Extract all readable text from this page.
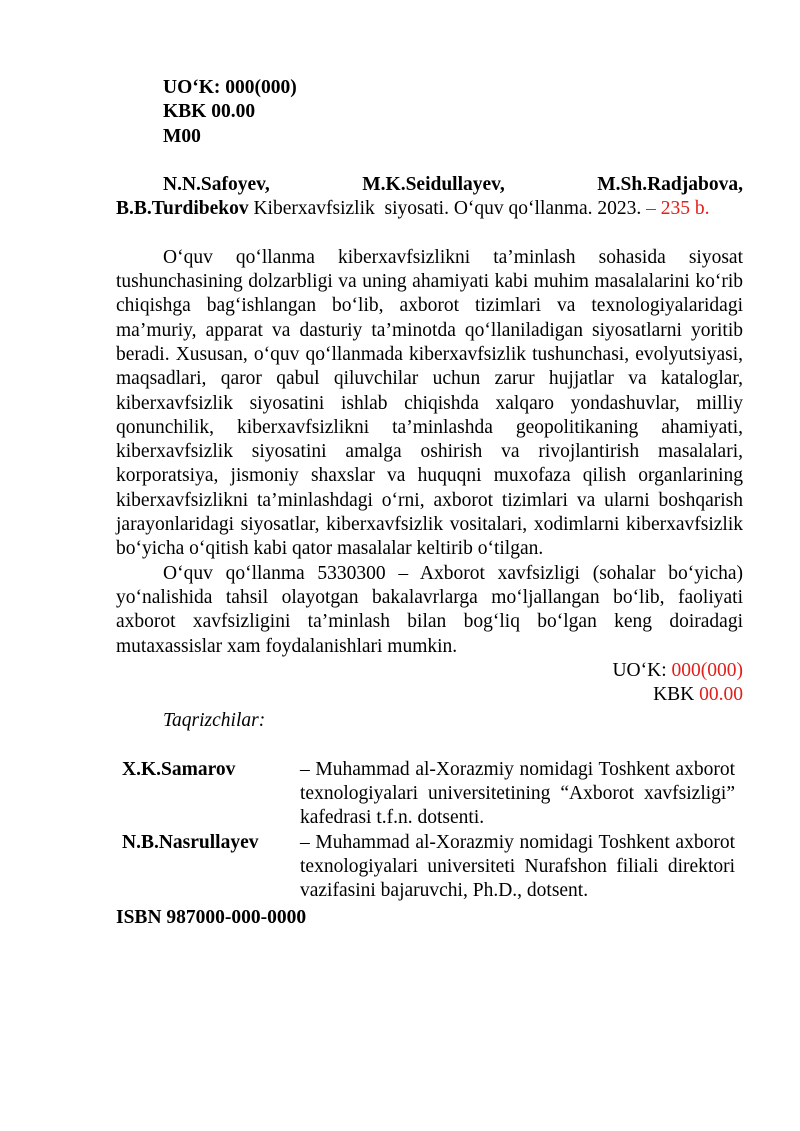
UO‘K: 000(000)
KBK 00.00
M00
N.N.Safoyev,            M.K.Seidullayev,            M.Sh.Radjabova, B.B.Turdibekov Kiberxavfsizlik  siyosati. O‘quv qo‘llanma. 2023. – 235 b.

O‘quv qo‘llanma kiberxavfsizlikni ta’minlash sohasida siyosat tushunchasining dolzarbligi va uning ahamiyati kabi muhim masalalarini ko‘rib chiqishga bag‘ishlangan bo‘lib, axborot tizimlari va texnologiyalaridagi ma’muriy, apparat va dasturiy ta’minotda qo‘llaniladigan siyosatlarni yoritib beradi. Xususan, o‘quv qo‘llanmada kiberxavfsizlik tushunchasi, evolyutsiyasi, maqsadlari, qaror qabul qiluvchilar uchun zarur hujjatlar va kataloglar, kiberxavfsizlik siyosatini ishlab chiqishda xalqaro yondashuvlar, milliy qonunchilik, kiberxavfsizlikni ta’minlashda geopolitikaning ahamiyati, kiberxavfsizlik siyosatini amalga oshirish va rivojlantirish masalalari, korporatsiya, jismoniy shaxslar va huquqni muxofaza qilish organlarining kiberxavfsizlikni ta’minlashdagi o‘rni, axborot tizimlari va ularni boshqarish jarayonlaridagi siyosatlar, kiberxavfsizlik vositalari, xodimlarni kiberxavfsizlik bo‘yicha o‘qitish kabi qator masalalar keltirib o‘tilgan.

O‘quv qo‘llanma 5330300 – Axborot xavfsizligi (sohalar bo‘yicha) yo‘nalishida tahsil olayotgan bakalavrlarga mo‘ljallangan bo‘lib, faoliyati axborot xavfsizligini ta’minlash bilan bog‘liq bo‘lgan keng doiradagi mutaxassislar xam foydalanishlari mumkin.

UO‘K: 000(000)
KBK 00.00
Taqrizchilar:
X.K.Samarov	– Muhammad al-Xorazmiy nomidagi Toshkent axborot texnologiyalari universitetining “Axborot xavfsizligi” kafedrasi t.f.n. dotsenti.
N.B.Nasrullayev	– Muhammad al-Xorazmiy nomidagi Toshkent axborot texnologiyalari universiteti Nurafshon filiali direktori vazifasini bajaruvchi, Ph.D., dotsent.
ISBN 987000-000-0000
